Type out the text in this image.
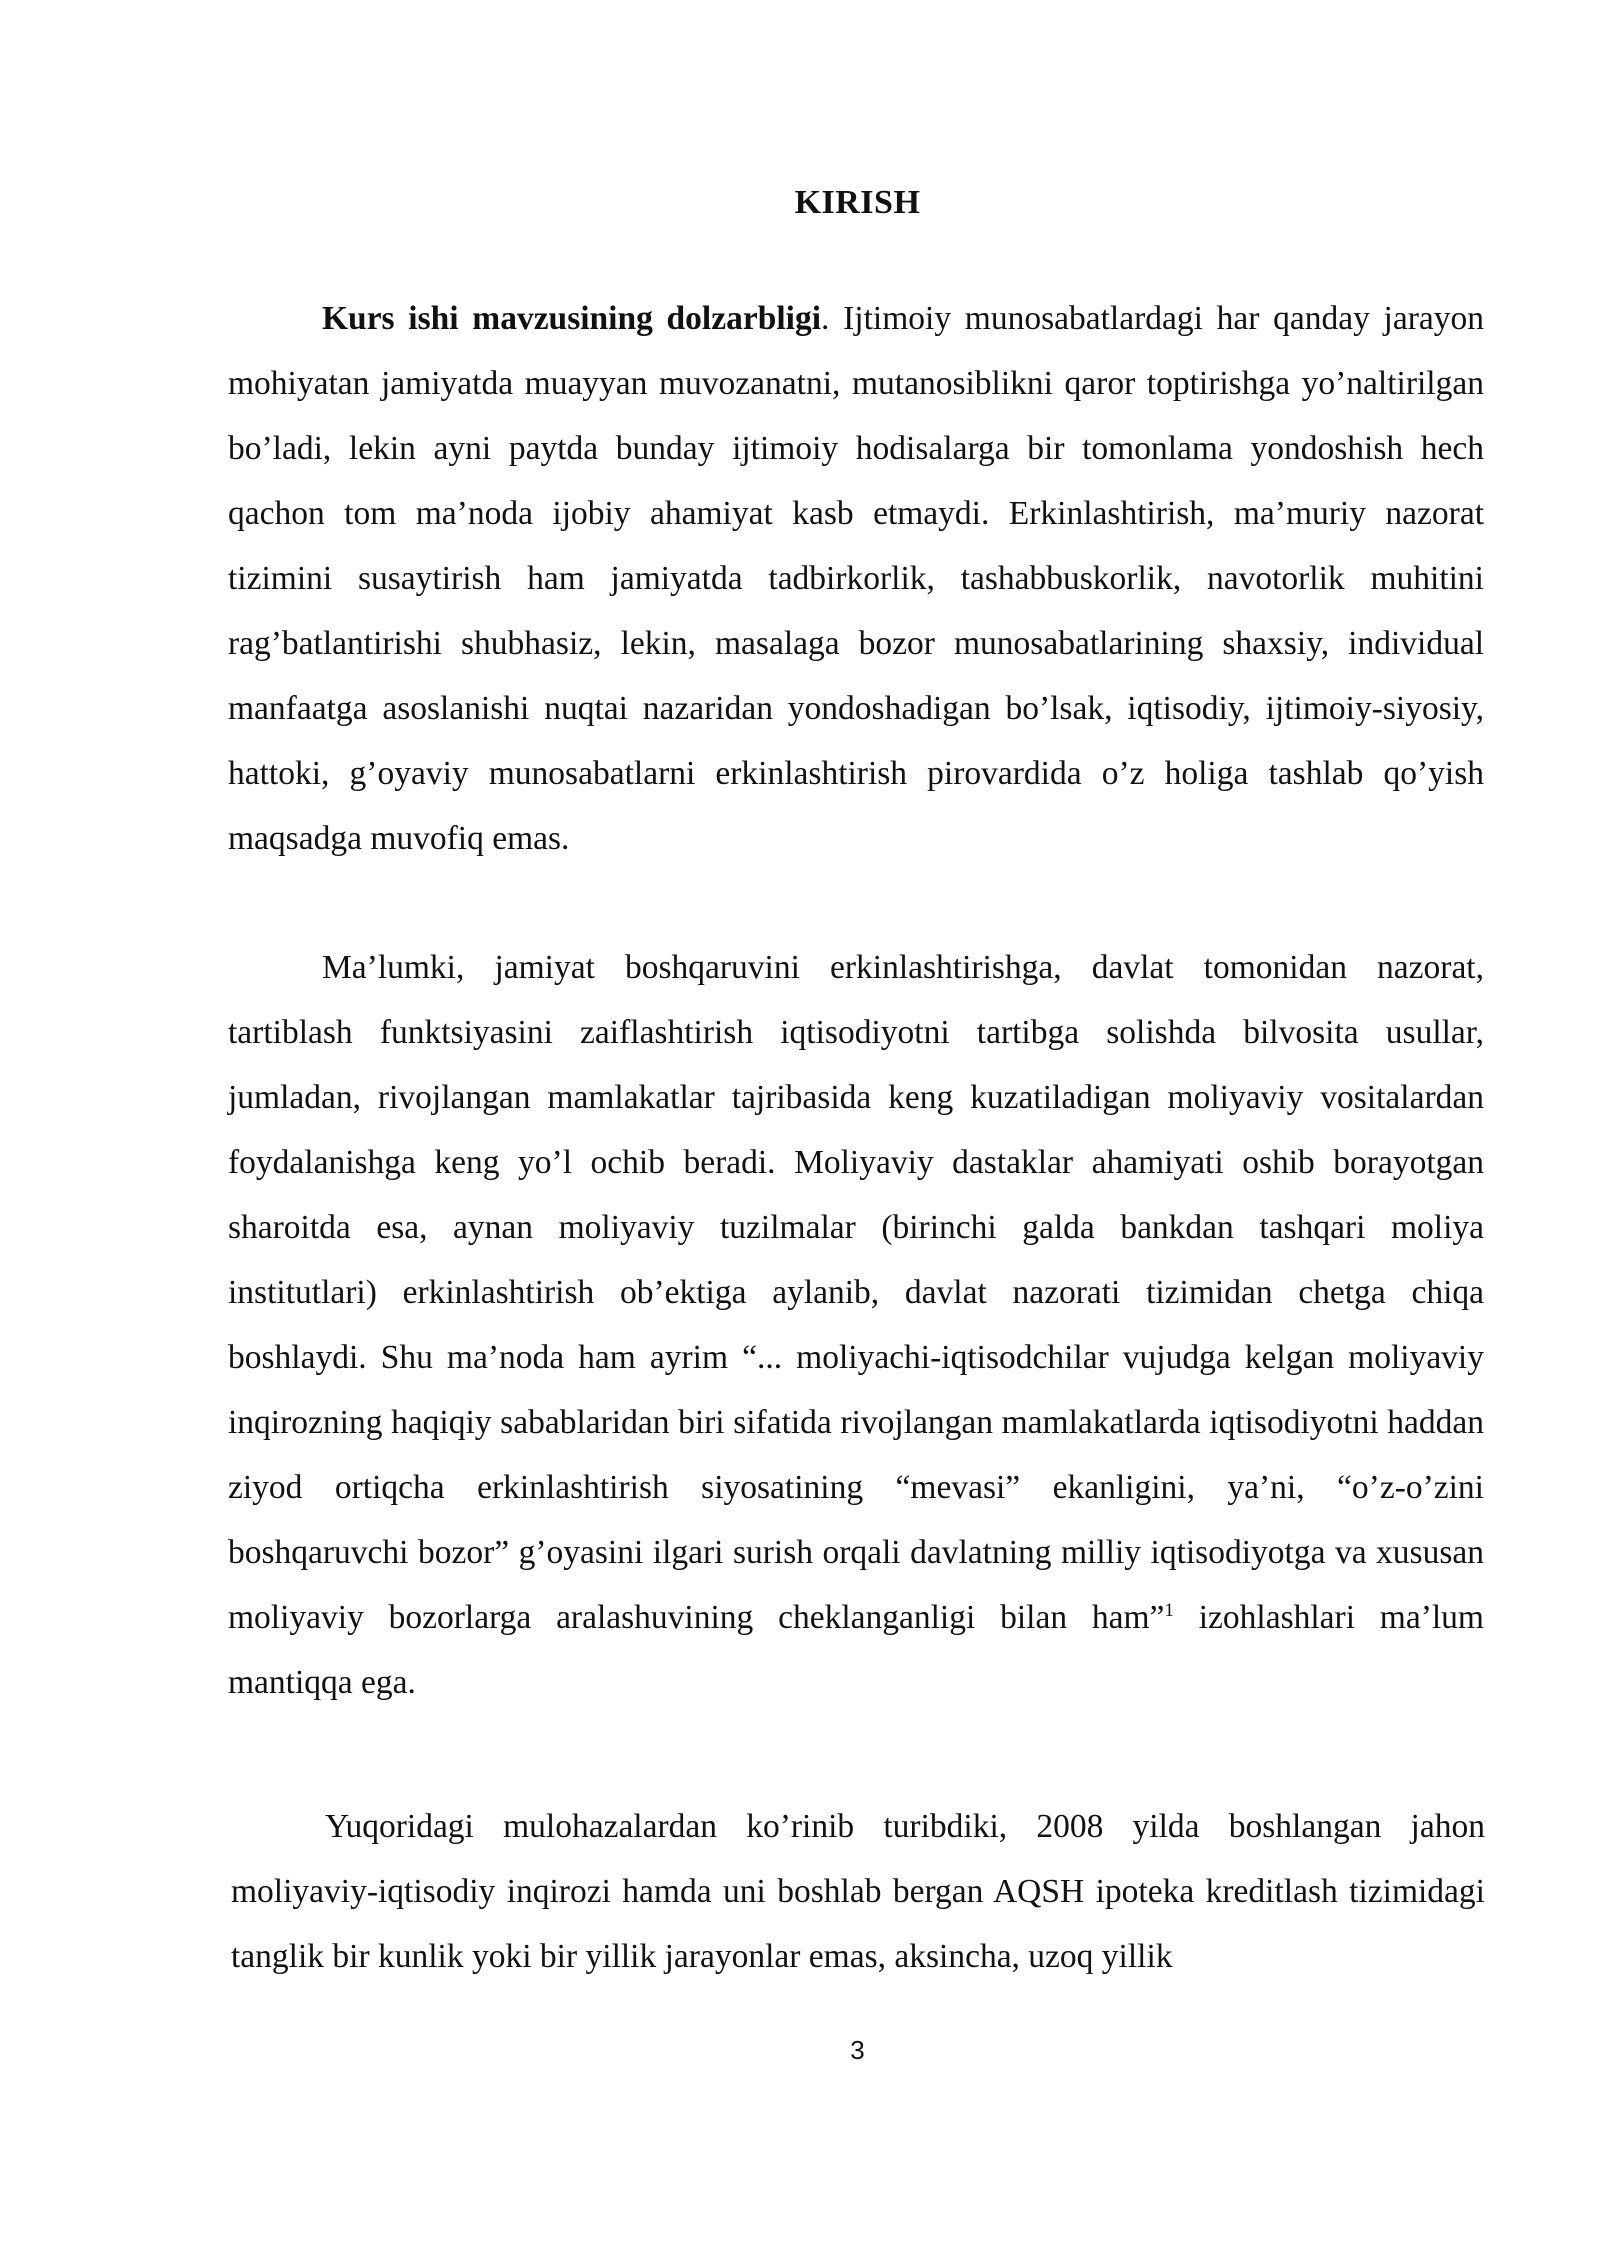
KIRISH

Kurs ishi mavzusining dolzarbligi. Ijtimoiy munosabatlardagi har qanday jarayon mohiyatan jamiyatda muayyan muvozanatni, mutanosiblikni qaror toptirishga yo’naltirilgan bo’ladi, lekin ayni paytda bunday ijtimoiy hodisalarga bir tomonlama yondoshish hech qachon tom ma’noda ijobiy ahamiyat kasb etmaydi. Erkinlashtirish, ma’muriy nazorat tizimini susaytirish ham jamiyatda tadbirkorlik, tashabbuskorlik, navotorlik muhitini rag’batlantirishi shubhasiz, lekin, masalaga bozor munosabatlarining shaxsiy, individual manfaatga asoslanishi nuqtai nazaridan yondoshadigan bo’lsak, iqtisodiy, ijtimoiy-siyosiy, hattoki, g’oyaviy munosabatlarni erkinlashtirish pirovardida o’z holiga tashlab qo’yish maqsadga muvofiq emas.

Ma’lumki, jamiyat boshqaruvini erkinlashtirishga, davlat tomonidan nazorat, tartiblash funktsiyasini zaiflashtirish iqtisodiyotni tartibga solishda bilvosita usullar, jumladan, rivojlangan mamlakatlar tajribasida keng kuzatiladigan moliyaviy vositalardan foydalanishga keng yo’l ochib beradi. Moliyaviy dastaklar ahamiyati oshib borayotgan sharoitda esa, aynan moliyaviy tuzilmalar (birinchi galda bankdan tashqari moliya institutlari) erkinlashtirish ob’ektiga aylanib, davlat nazorati tizimidan chetga chiqa boshlaydi. Shu ma’noda ham ayrim “... moliyachi-iqtisodchilar vujudga kelgan moliyaviy inqirozning haqiqiy sabablaridan biri sifatida rivojlangan mamlakatlarda iqtisodiyotni haddan ziyod ortiqcha erkinlashtirish siyosatining “mevasi” ekanligini, ya’ni, “o’z-o’zini boshqaruvchi bozor” g’oyasini ilgari surish orqali davlatning milliy iqtisodiyotga va xususan moliyaviy bozorlarga aralashuvining cheklanganligi bilan ham”$^1$ izohlashlari ma’lum mantiqqa ega.

Yuqoridagi mulohazalardan ko’rinib turibdiki, 2008 yilda boshlangan jahon moliyaviy-iqtisodiy inqirozi hamda uni boshlab bergan AQSH ipoteka kreditlash tizimidagi tanglik bir kunlik yoki bir yillik jarayonlar emas, aksincha, uzoq yillik

3
